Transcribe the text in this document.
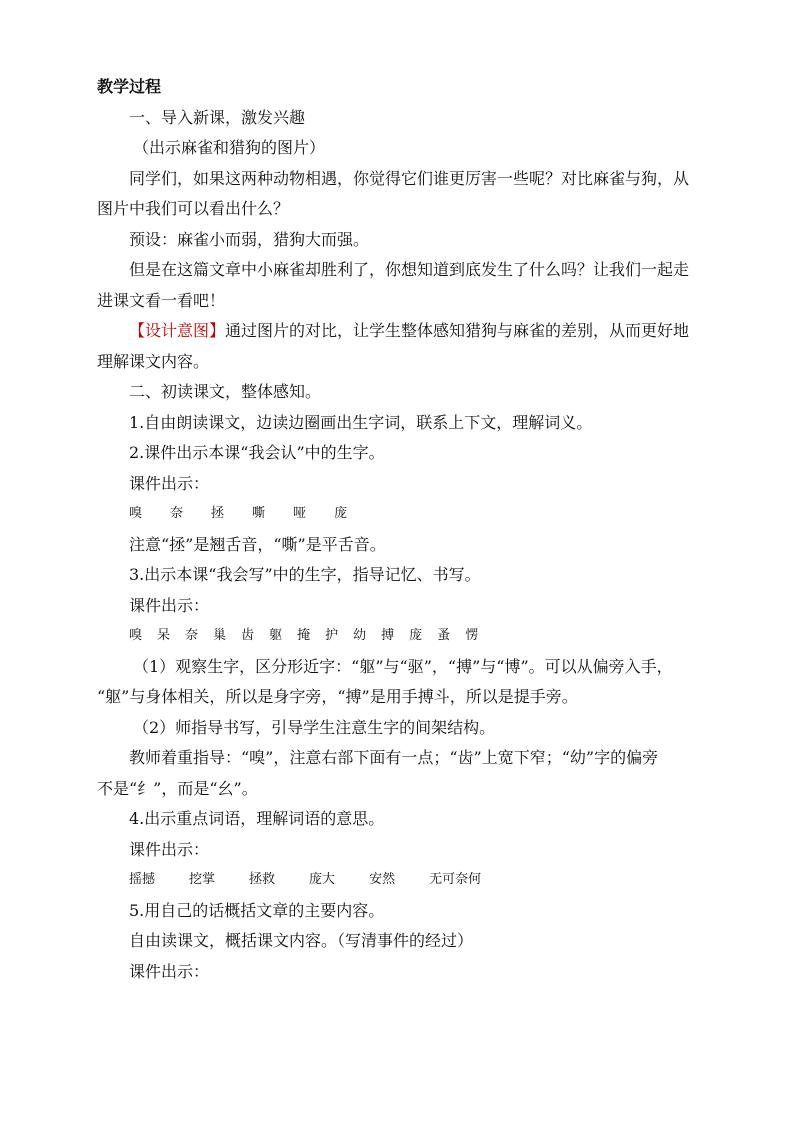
教学过程

一、导入新课，激发兴趣

（出示麻雀和猎狗的图片）

同学们，如果这两种动物相遇，你觉得它们谁更厉害一些呢？对比麻雀与狗，从

图片中我们可以看出什么？

预设：麻雀小而弱，猎狗大而强。

但是在这篇文章中小麻雀却胜利了，你想知道到底发生了什么吗？让我们一起走

进课文看一看吧！

【设计意图】通过图片的对比，让学生整体感知猎狗与麻雀的差别，从而更好地

理解课文内容。

二、初读课文，整体感知。

1.自由朗读课文，边读边圈画出生字词，联系上下文，理解词义。

2.课件出示本课“我会认”中的生字。

课件出示：

嗅 奈 拯 嘶 哑 庞

注意“拯”是翘舌音，“嘶”是平舌音。

3.出示本课“我会写”中的生字，指导记忆、书写。

课件出示：

嗅 呆 奈 巢 齿 躯 掩 护 幼 搏 庞 蚤 愣

（1）观察生字，区分形近字：“躯”与“驱”，“搏”与“博”。可以从偏旁入手，

“躯”与身体相关，所以是身字旁，“搏”是用手搏斗，所以是提手旁。

（2）师指导书写，引导学生注意生字的间架结构。

教师着重指导：“嗅”，注意右部下面有一点；“齿”上宽下窄；“幼”字的偏旁

不是“纟”，而是“幺”。

4.出示重点词语，理解词语的意思。

课件出示：

摇撼	挖掌	拯救	庞大	安然	无可奈何

5.用自己的话概括文章的主要内容。

自由读课文，概括课文内容。（写清事件的经过）

课件出示：
